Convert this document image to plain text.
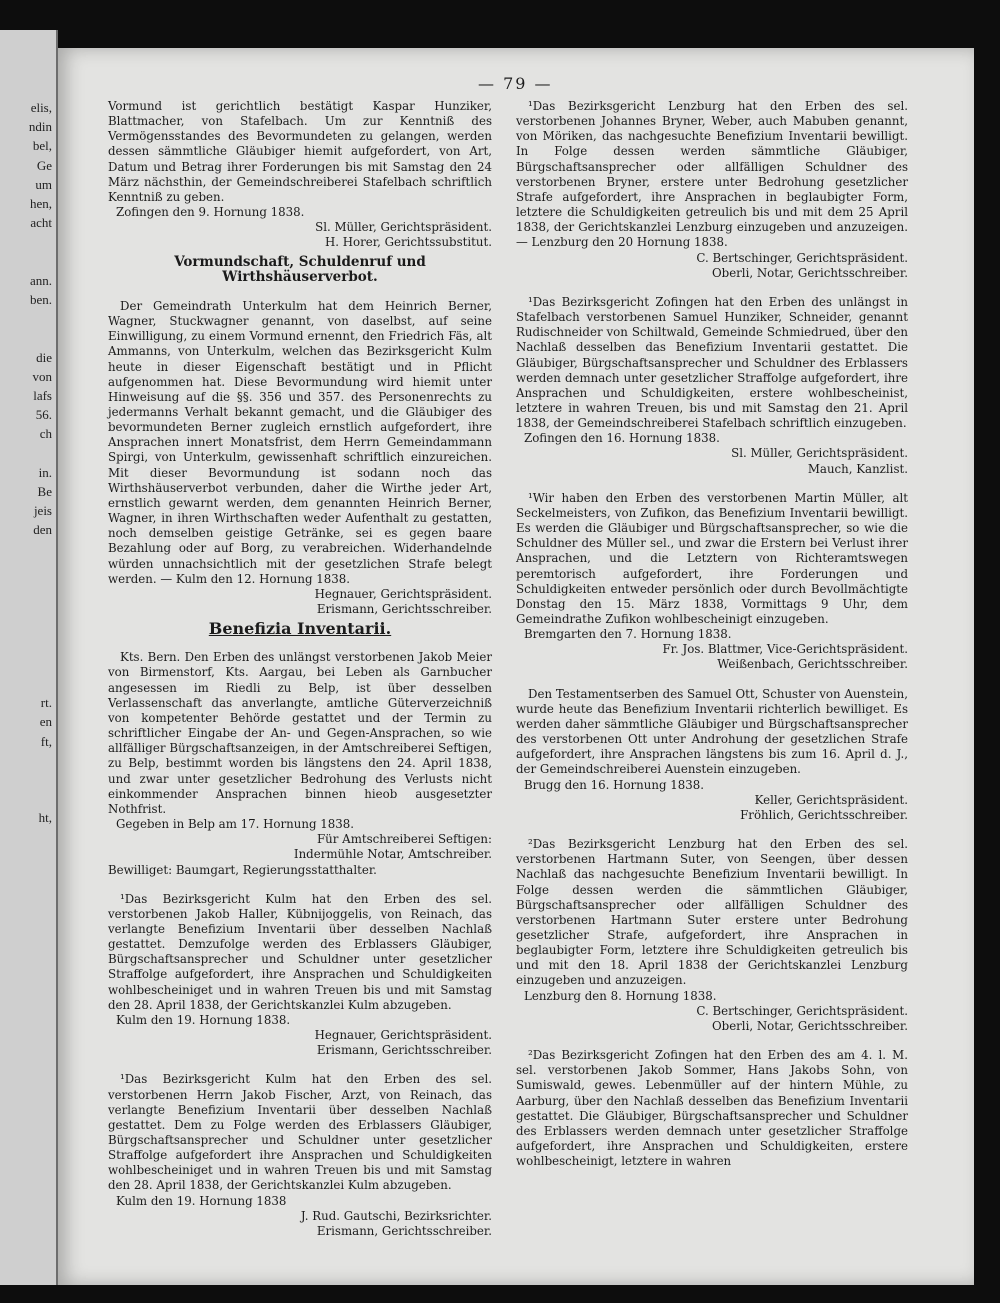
elis,
ndin
bel,
Ge
um
hen,
acht
ann.
ben.
die
von
lafs
56.
ch
in.
Be
jeis
den
rt.
en
ft,
ht,
— 79 —

Vormund ist gerichtlich bestätigt Kaspar Hunziker, Blattmacher, von Stafelbach. Um zur Kenntniß des Vermögensstandes des Bevormundeten zu gelangen, werden dessen sämmtliche Gläubiger hiemit aufgefordert, von Art, Datum und Betrag ihrer Forderungen bis mit Samstag den 24 März nächsthin, der Gemeindschreiberei Stafelbach schriftlich Kenntniß zu geben.

Zofingen den 9. Hornung 1838.

Sl. Müller, Gerichtspräsident.

H. Horer, Gerichtssubstitut.

Vormundschaft, Schuldenruf und Wirthshäuserverbot.

Der Gemeindrath Unterkulm hat dem Heinrich Berner, Wagner, Stuckwagner genannt, von daselbst, auf seine Einwilligung, zu einem Vormund ernennt, den Friedrich Fäs, alt Ammanns, von Unterkulm, welchen das Bezirksgericht Kulm heute in dieser Eigenschaft bestätigt und in Pflicht aufgenommen hat. Diese Bevormundung wird hiemit unter Hinweisung auf die §§. 356 und 357. des Personenrechts zu jedermanns Verhalt bekannt gemacht, und die Gläubiger des bevormundeten Berner zugleich ernstlich aufgefordert, ihre Ansprachen innert Monatsfrist, dem Herrn Gemeindammann Spirgi, von Unterkulm, gewissenhaft schriftlich einzureichen. Mit dieser Bevormundung ist sodann noch das Wirthshäuserverbot verbunden, daher die Wirthe jeder Art, ernstlich gewarnt werden, dem genannten Heinrich Berner, Wagner, in ihren Wirthschaften weder Aufenthalt zu gestatten, noch demselben geistige Getränke, sei es gegen baare Bezahlung oder auf Borg, zu verabreichen. Widerhandelnde würden unnachsichtlich mit der gesetzlichen Strafe belegt werden. — Kulm den 12. Hornung 1838.

Hegnauer, Gerichtspräsident.

Erismann, Gerichtsschreiber.

Benefizia Inventarii.

Kts. Bern. Den Erben des unlängst verstorbenen Jakob Meier von Birmenstorf, Kts. Aargau, bei Leben als Garnbucher angesessen im Riedli zu Belp, ist über desselben Verlassenschaft das anverlangte, amtliche Güterverzeichniß von kompetenter Behörde gestattet und der Termin zu schriftlicher Eingabe der An- und Gegen-Ansprachen, so wie allfälliger Bürgschaftsanzeigen, in der Amtschreiberei Seftigen, zu Belp, bestimmt worden bis längstens den 24. April 1838, und zwar unter gesetzlicher Bedrohung des Verlusts nicht einkommender Ansprachen binnen hieob ausgesetzter Nothfrist.

Gegeben in Belp am 17. Hornung 1838.

Für Amtschreiberei Seftigen:

Indermühle Notar, Amtschreiber.

Bewilliget: Baumgart, Regierungsstatthalter.

¹Das Bezirksgericht Kulm hat den Erben des sel. verstorbenen Jakob Haller, Kübnijoggelis, von Reinach, das verlangte Benefizium Inventarii über desselben Nachlaß gestattet. Demzufolge werden des Erblassers Gläubiger, Bürgschaftsansprecher und Schuldner unter gesetzlicher Straffolge aufgefordert, ihre Ansprachen und Schuldigkeiten wohlbescheiniget und in wahren Treuen bis und mit Samstag den 28. April 1838, der Gerichtskanzlei Kulm abzugeben.

Kulm den 19. Hornung 1838.

Hegnauer, Gerichtspräsident.

Erismann, Gerichtsschreiber.

¹Das Bezirksgericht Kulm hat den Erben des sel. verstorbenen Herrn Jakob Fischer, Arzt, von Reinach, das verlangte Benefizium Inventarii über desselben Nachlaß gestattet. Dem zu Folge werden des Erblassers Gläubiger, Bürgschaftsansprecher und Schuldner unter gesetzlicher Straffolge aufgefordert ihre Ansprachen und Schuldigkeiten wohlbescheiniget und in wahren Treuen bis und mit Samstag den 28. April 1838, der Gerichtskanzlei Kulm abzugeben.

Kulm den 19. Hornung 1838

J. Rud. Gautschi, Bezirksrichter.

Erismann, Gerichtsschreiber.

¹Das Bezirksgericht Lenzburg hat den Erben des sel. verstorbenen Johannes Bryner, Weber, auch Mabuben genannt, von Möriken, das nachgesuchte Benefizium Inventarii bewilligt. In Folge dessen werden sämmtliche Gläubiger, Bürgschaftsansprecher oder allfälligen Schuldner des verstorbenen Bryner, erstere unter Bedrohung gesetzlicher Strafe aufgefordert, ihre Ansprachen in beglaubigter Form, letztere die Schuldigkeiten getreulich bis und mit dem 25 April 1838, der Gerichtskanzlei Lenzburg einzugeben und anzuzeigen. — Lenzburg den 20 Hornung 1838.

C. Bertschinger, Gerichtspräsident.

Oberli, Notar, Gerichtsschreiber.

¹Das Bezirksgericht Zofingen hat den Erben des unlängst in Stafelbach verstorbenen Samuel Hunziker, Schneider, genannt Rudischneider von Schiltwald, Gemeinde Schmiedrued, über den Nachlaß desselben das Benefizium Inventarii gestattet. Die Gläubiger, Bürgschaftsansprecher und Schuldner des Erblassers werden demnach unter gesetzlicher Straffolge aufgefordert, ihre Ansprachen und Schuldigkeiten, erstere wohlbescheinist, letztere in wahren Treuen, bis und mit Samstag den 21. April 1838, der Gemeindschreiberei Stafelbach schriftlich einzugeben.

Zofingen den 16. Hornung 1838.

Sl. Müller, Gerichtspräsident.

Mauch, Kanzlist.

¹Wir haben den Erben des verstorbenen Martin Müller, alt Seckelmeisters, von Zufikon, das Benefizium Inventarii bewilligt. Es werden die Gläubiger und Bürgschaftsansprecher, so wie die Schuldner des Müller sel., und zwar die Erstern bei Verlust ihrer Ansprachen, und die Letztern von Richteramtswegen peremtorisch aufgefordert, ihre Forderungen und Schuldigkeiten entweder persönlich oder durch Bevollmächtigte Donstag den 15. März 1838, Vormittags 9 Uhr, dem Gemeindrathe Zufikon wohlbescheinigt einzugeben.

Bremgarten den 7. Hornung 1838.

Fr. Jos. Blattmer, Vice-Gerichtspräsident.

Weißenbach, Gerichtsschreiber.

Den Testamentserben des Samuel Ott, Schuster von Auenstein, wurde heute das Benefizium Inventarii richterlich bewilliget. Es werden daher sämmtliche Gläubiger und Bürgschaftsansprecher des verstorbenen Ott unter Androhung der gesetzlichen Strafe aufgefordert, ihre Ansprachen längstens bis zum 16. April d. J., der Gemeindschreiberei Auenstein einzugeben.

Brugg den 16. Hornung 1838.

Keller, Gerichtspräsident.

Fröhlich, Gerichtsschreiber.

²Das Bezirksgericht Lenzburg hat den Erben des sel. verstorbenen Hartmann Suter, von Seengen, über dessen Nachlaß das nachgesuchte Benefizium Inventarii bewilligt. In Folge dessen werden die sämmtlichen Gläubiger, Bürgschaftsansprecher oder allfälligen Schuldner des verstorbenen Hartmann Suter erstere unter Bedrohung gesetzlicher Strafe, aufgefordert, ihre Ansprachen in beglaubigter Form, letztere ihre Schuldigkeiten getreulich bis und mit den 18. April 1838 der Gerichtskanzlei Lenzburg einzugeben und anzuzeigen.

Lenzburg den 8. Hornung 1838.

C. Bertschinger, Gerichtspräsident.

Oberli, Notar, Gerichtsschreiber.

²Das Bezirksgericht Zofingen hat den Erben des am 4. l. M. sel. verstorbenen Jakob Sommer, Hans Jakobs Sohn, von Sumiswald, gewes. Lebenmüller auf der hintern Mühle, zu Aarburg, über den Nachlaß desselben das Benefizium Inventarii gestattet. Die Gläubiger, Bürgschaftsansprecher und Schuldner des Erblassers werden demnach unter gesetzlicher Straffolge aufgefordert, ihre Ansprachen und Schuldigkeiten, erstere wohlbescheinigt, letztere in wahren
